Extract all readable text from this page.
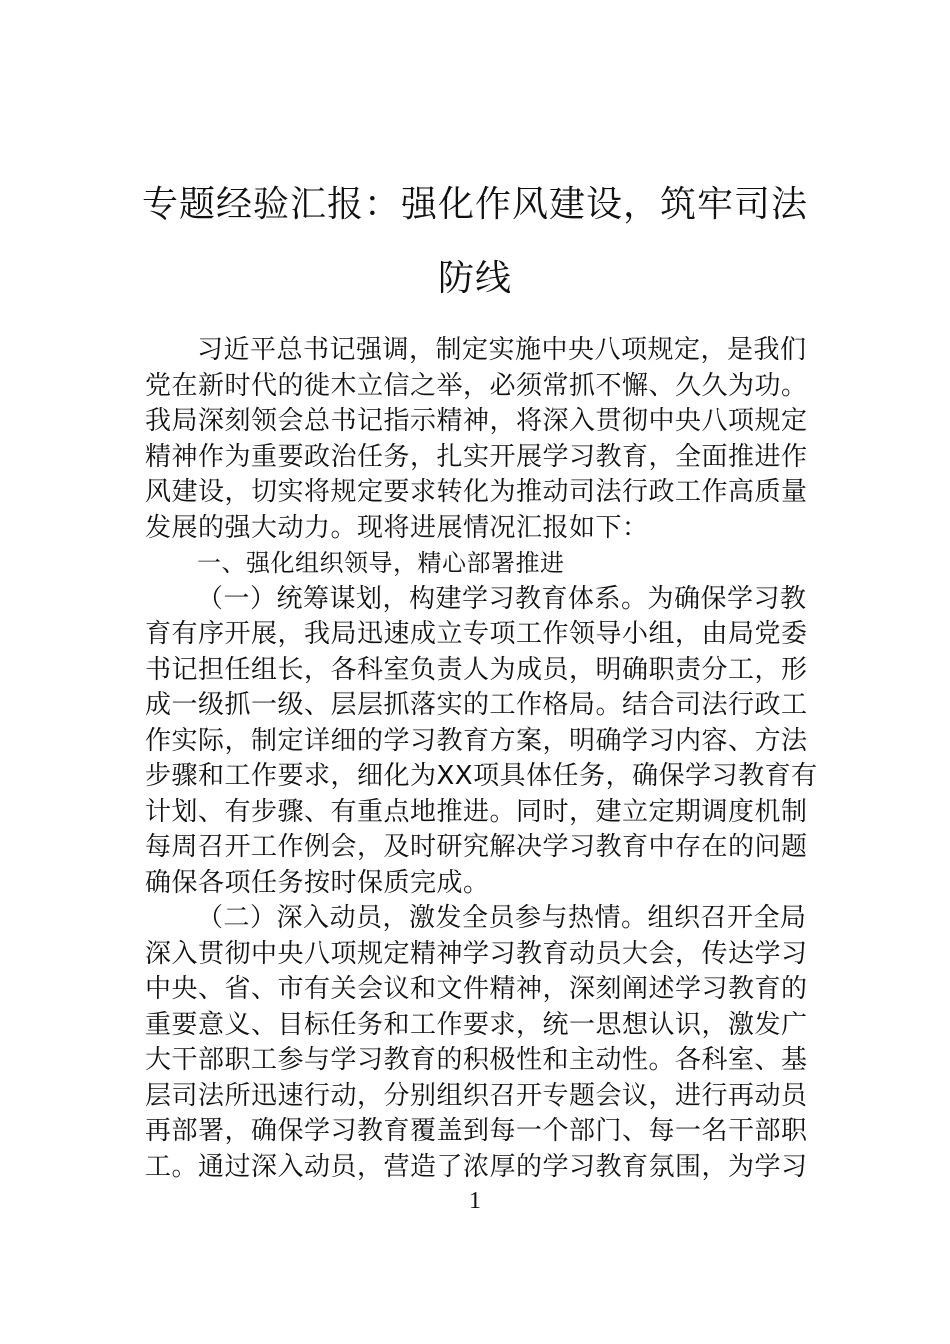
专题经验汇报：强化作风建设，筑牢司法
防线
习近平总书记强调，制定实施中央八项规定，是我们
党在新时代的徙木立信之举，必须常抓不懈、久久为功。
我局深刻领会总书记指示精神，将深入贯彻中央八项规定
精神作为重要政治任务，扎实开展学习教育，全面推进作
风建设，切实将规定要求转化为推动司法行政工作高质量
发展的强大动力。现将进展情况汇报如下：
一、强化组织领导，精心部署推进
（一）统筹谋划，构建学习教育体系。为确保学习教
育有序开展，我局迅速成立专项工作领导小组，由局党委
书记担任组长，各科室负责人为成员，明确职责分工，形
成一级抓一级、层层抓落实的工作格局。结合司法行政工
作实际，制定详细的学习教育方案，明确学习内容、方法
步骤和工作要求，细化为XX项具体任务，确保学习教育有
计划、有步骤、有重点地推进。同时，建立定期调度机制
每周召开工作例会，及时研究解决学习教育中存在的问题
确保各项任务按时保质完成。
（二）深入动员，激发全员参与热情。组织召开全局
深入贯彻中央八项规定精神学习教育动员大会，传达学习
中央、省、市有关会议和文件精神，深刻阐述学习教育的
重要意义、目标任务和工作要求，统一思想认识，激发广
大干部职工参与学习教育的积极性和主动性。各科室、基
层司法所迅速行动，分别组织召开专题会议，进行再动员
再部署，确保学习教育覆盖到每一个部门、每一名干部职
工。通过深入动员，营造了浓厚的学习教育氛围，为学习
1
